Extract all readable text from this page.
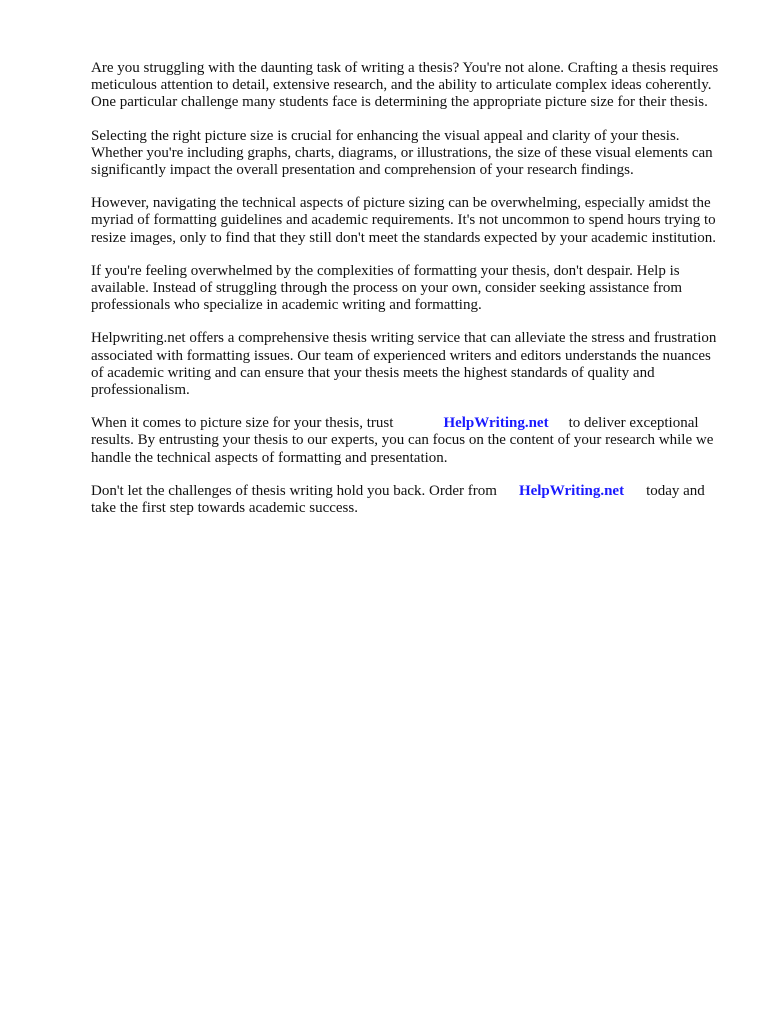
Are you struggling with the daunting task of writing a thesis? You're not alone. Crafting a thesis requires meticulous attention to detail, extensive research, and the ability to articulate complex ideas coherently. One particular challenge many students face is determining the appropriate picture size for their thesis.

Selecting the right picture size is crucial for enhancing the visual appeal and clarity of your thesis. Whether you're including graphs, charts, diagrams, or illustrations, the size of these visual elements can significantly impact the overall presentation and comprehension of your research findings.

However, navigating the technical aspects of picture sizing can be overwhelming, especially amidst the myriad of formatting guidelines and academic requirements. It's not uncommon to spend hours trying to resize images, only to find that they still don't meet the standards expected by your academic institution.

If you're feeling overwhelmed by the complexities of formatting your thesis, don't despair. Help is available. Instead of struggling through the process on your own, consider seeking assistance from professionals who specialize in academic writing and formatting.

Helpwriting.net offers a comprehensive thesis writing service that can alleviate the stress and frustration associated with formatting issues. Our team of experienced writers and editors understands the nuances of academic writing and can ensure that your thesis meets the highest standards of quality and professionalism.

When it comes to picture size for your thesis, trust	HelpWriting.net to deliver exceptional results. By entrusting your thesis to our experts, you can focus on the content of your research while we handle the technical aspects of formatting and presentation.

Don't let the challenges of thesis writing hold you back. Order from HelpWriting.net today and take the first step towards academic success.
